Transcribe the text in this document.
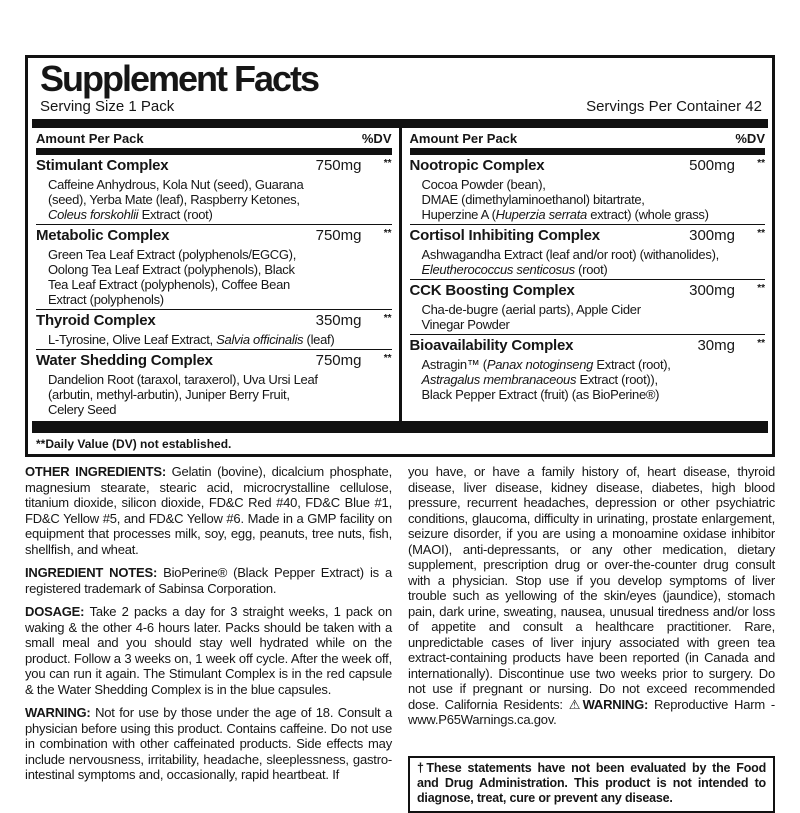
Supplement Facts
Serving Size 1 Pack	Servings Per Container 42
Amount Per Pack	%DV
Stimulant Complex	750mg	**
Caffeine Anhydrous, Kola Nut (seed), Guarana
(seed), Yerba Mate (leaf), Raspberry Ketones,
Coleus forskohlii Extract (root)
Metabolic Complex	750mg	**
Green Tea Leaf Extract (polyphenols/EGCG),
Oolong Tea Leaf Extract (polyphenols), Black
Tea Leaf Extract (polyphenols), Coffee Bean
Extract (polyphenols)
Thyroid Complex	350mg	**
L-Tyrosine, Olive Leaf Extract, Salvia officinalis (leaf)
Water Shedding Complex	750mg	**
Dandelion Root (taraxol, taraxerol), Uva Ursi Leaf
(arbutin, methyl-arbutin), Juniper Berry Fruit,
Celery Seed
Amount Per Pack	%DV
Nootropic Complex	500mg	**
Cocoa Powder (bean),
DMAE (dimethylaminoethanol) bitartrate,
Huperzine A (Huperzia serrata extract) (whole grass)
Cortisol Inhibiting Complex	300mg	**
Ashwagandha Extract (leaf and/or root) (withanolides),
Eleutherococcus senticosus (root)
CCK Boosting Complex	300mg	**
Cha-de-bugre (aerial parts), Apple Cider
Vinegar Powder
Bioavailability Complex	30mg	**
Astragin™ (Panax notoginseng Extract (root),
Astragalus membranaceous Extract (root)),
Black Pepper Extract (fruit) (as BioPerine®)
**Daily Value (DV) not established.

OTHER INGREDIENTS: Gelatin (bovine), dicalcium phosphate, magnesium stearate, stearic acid, microcrystalline cellulose, titanium dioxide, silicon dioxide, FD&C Red #40, FD&C Blue #1, FD&C Yellow #5, and FD&C Yellow #6. Made in a GMP facility on equipment that processes milk, soy, egg, peanuts, tree nuts, fish, shellfish, and wheat.

INGREDIENT NOTES: BioPerine® (Black Pepper Extract) is a registered trademark of Sabinsa Corporation.

DOSAGE: Take 2 packs a day for 3 straight weeks, 1 pack on waking & the other 4-6 hours later. Packs should be taken with a small meal and you should stay well hydrated while on the product. Follow a 3 weeks on, 1 week off cycle. After the week off, you can run it again. The Stimulant Complex is in the red capsule & the Water Shedding Complex is in the blue capsules.

WARNING: Not for use by those under the age of 18. Consult a physician before using this product. Contains caffeine. Do not use in combination with other caffeinated products. Side effects may include nervousness, irritability, headache, sleeplessness, gastro-intestinal symptoms and, occasionally, rapid heartbeat. If

you have, or have a family history of, heart disease, thyroid disease, liver disease, kidney disease, diabetes, high blood pressure, recurrent headaches, depression or other psychiatric conditions, glaucoma, difficulty in urinating, prostate enlargement, seizure disorder, if you are using a monoamine oxidase inhibitor (MAOI), anti-depressants, or any other medication, dietary supplement, prescription drug or over-the-counter drug consult with a physician. Stop use if you develop symptoms of liver trouble such as yellowing of the skin/eyes (jaundice), stomach pain, dark urine, sweating, nausea, unusual tiredness and/or loss of appetite and consult a healthcare practitioner. Rare, unpredictable cases of liver injury associated with green tea extract-containing products have been reported (in Canada and internationally). Discontinue use two weeks prior to surgery. Do not use if pregnant or nursing. Do not exceed recommended dose. California Residents: ⚠WARNING: Reproductive Harm - www.P65Warnings.ca.gov.

†These statements have not been evaluated by the Food and Drug Administration. This product is not intended to diagnose, treat, cure or prevent any disease.
